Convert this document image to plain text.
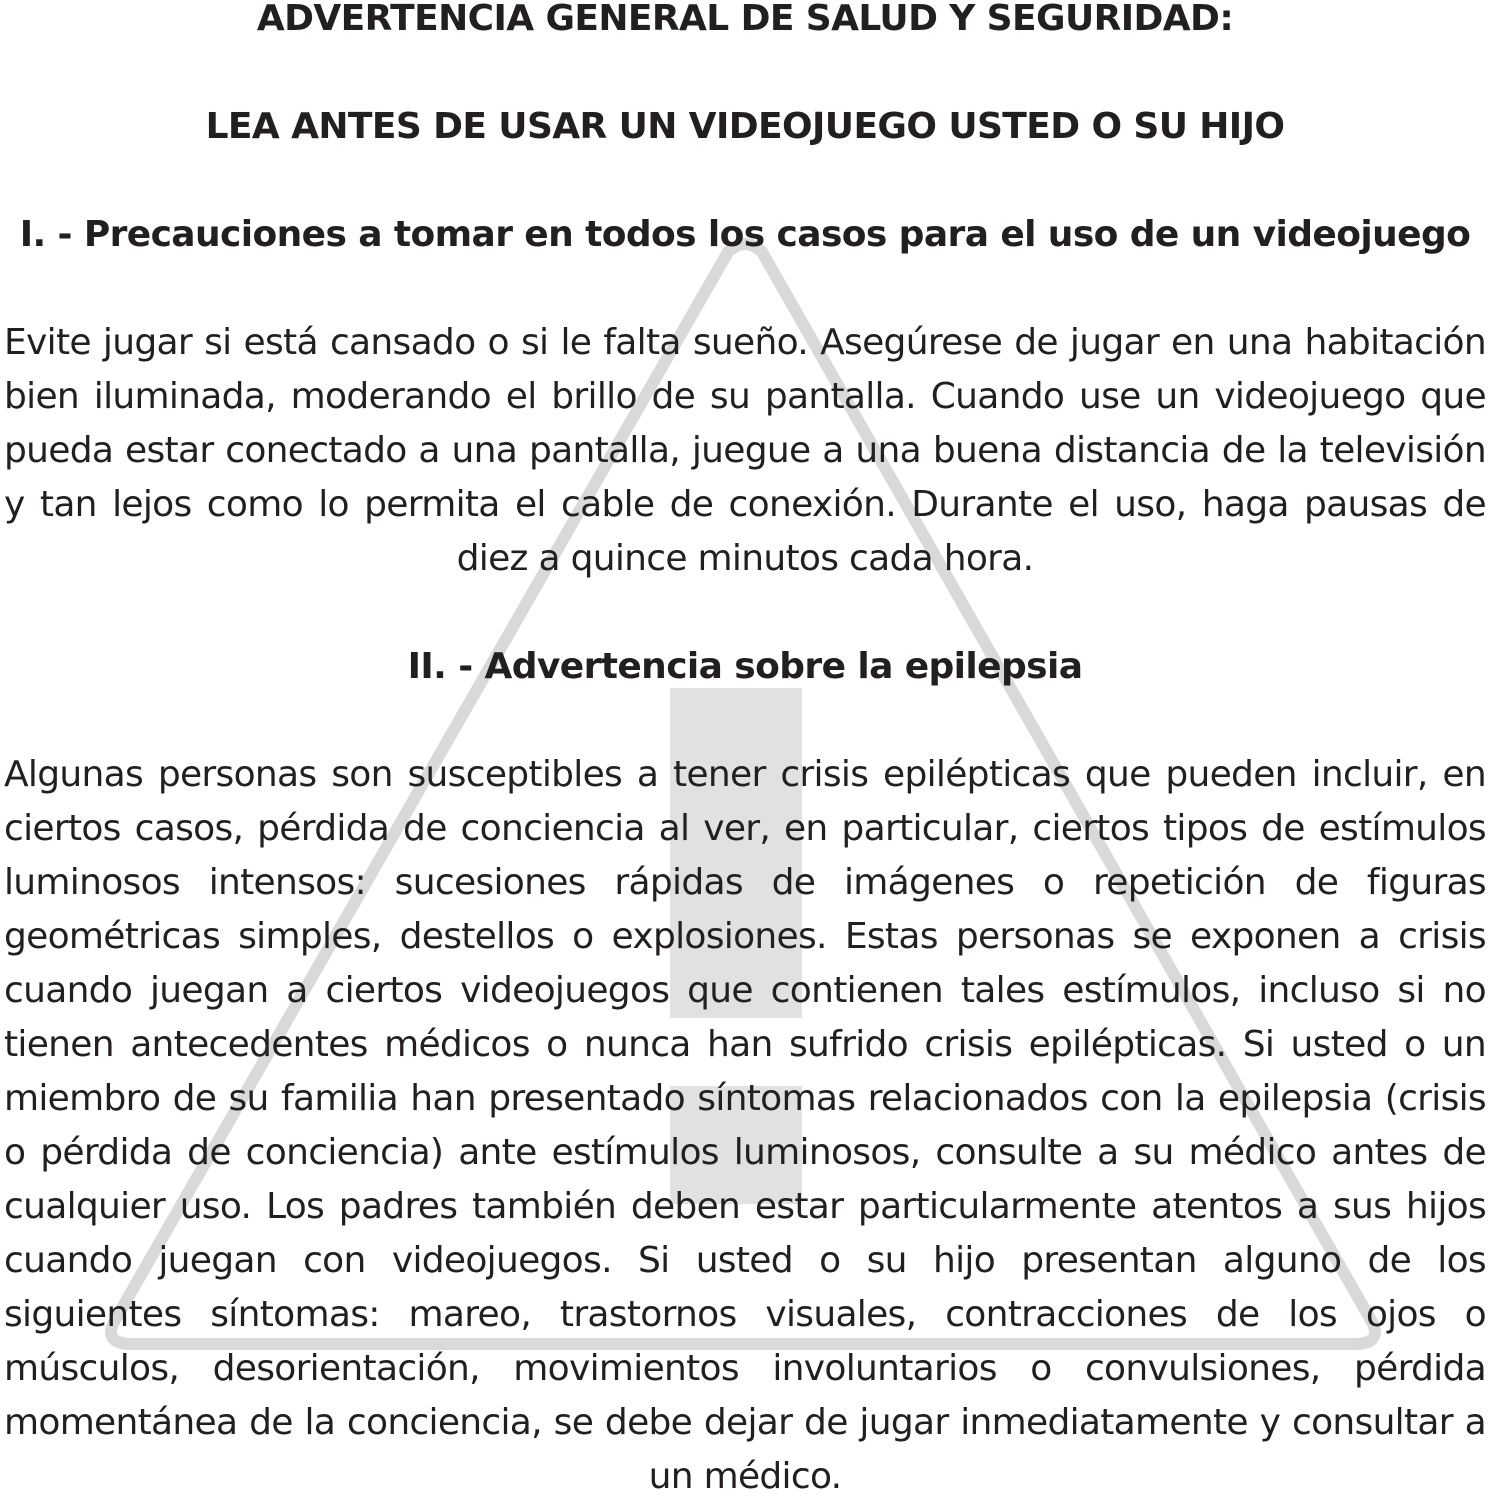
ADVERTENCIA GENERAL DE SALUD Y SEGURIDAD:
LEA ANTES DE USAR UN VIDEOJUEGO USTED O SU HIJO
I. - Precauciones a tomar en todos los casos para el uso de un videojuego

Evite jugar si está cansado o si le falta sueño. Asegúrese de jugar en una habitación bien iluminada, moderando el brillo de su pantalla. Cuando use un videojuego que pueda estar conectado a una pantalla, juegue a una buena distancia de la televisión y tan lejos como lo permita el cable de conexión. Durante el uso, haga pausas de diez a quince minutos cada hora.

II. - Advertencia sobre la epilepsia

Algunas personas son susceptibles a tener crisis epilépticas que pueden incluir, en ciertos casos, pérdida de conciencia al ver, en particular, ciertos tipos de estímulos luminosos intensos: sucesiones rápidas de imágenes o repetición de figuras geométricas simples, destellos o explosiones. Estas personas se exponen a crisis cuando juegan a ciertos videojuegos que contienen tales estímulos, incluso si no tienen antecedentes médicos o nunca han sufrido crisis epilépticas. Si usted o un miembro de su familia han presentado síntomas relacionados con la epilepsia (crisis o pérdida de conciencia) ante estímulos luminosos, consulte a su médico antes de cualquier uso. Los padres también deben estar particularmente atentos a sus hijos cuando juegan con videojuegos. Si usted o su hijo presentan alguno de los siguientes síntomas: mareo, trastornos visuales, contracciones de los ojos o músculos, desorientación, movimientos involuntarios o convulsiones, pérdida momentánea de la conciencia, se debe dejar de jugar inmediatamente y consultar a un médico.
